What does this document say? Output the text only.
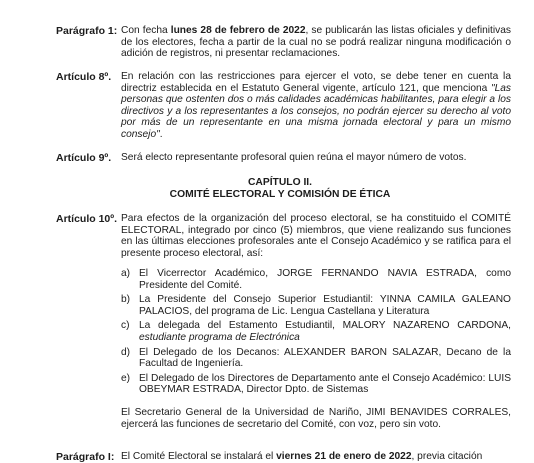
Parágrafo 1: Con fecha lunes 28 de febrero de 2022, se publicarán las listas oficiales y definitivas de los electores, fecha a partir de la cual no se podrá realizar ninguna modificación o adición de registros, ni presentar reclamaciones.

Artículo 8º. En relación con las restricciones para ejercer el voto, se debe tener en cuenta la directriz establecida en el Estatuto General vigente, artículo 121, que menciona "Las personas que ostenten dos o más calidades académicas habilitantes, para elegir a los directivos y a los representantes a los consejos, no podrán ejercer su derecho al voto por más de un representante en una misma jornada electoral y para un mismo consejo".

Artículo 9º. Será electo representante profesoral quien reúna el mayor número de votos.
CAPÍTULO II.
COMITÉ ELECTORAL Y COMISIÓN DE ÉTICA
Artículo 10º. Para efectos de la organización del proceso electoral, se ha constituido el COMITÉ ELECTORAL, integrado por cinco (5) miembros, que viene realizando sus funciones en las últimas elecciones profesorales ante el Consejo Académico y se ratifica para el presente proceso electoral, así:
a) El Vicerrector Académico, JORGE FERNANDO NAVIA ESTRADA, como Presidente del Comité.
b) La Presidente del Consejo Superior Estudiantil: YINNA CAMILA GALEANO PALACIOS, del programa de Lic. Lengua Castellana y Literatura
c) La delegada del Estamento Estudiantil, MALORY NAZARENO CARDONA, estudiante programa de Electrónica
d) El Delegado de los Decanos: ALEXANDER BARON SALAZAR, Decano de la Facultad de Ingeniería.
e) El Delegado de los Directores de Departamento ante el Consejo Académico: LUIS OBEYMAR ESTRADA, Director Dpto. de Sistemas
El Secretario General de la Universidad de Nariño, JIMI BENAVIDES CORRALES, ejercerá las funciones de secretario del Comité, con voz, pero sin voto.
Parágrafo I: El Comité Electoral se instalará el viernes 21 de enero de 2022, previa citación
